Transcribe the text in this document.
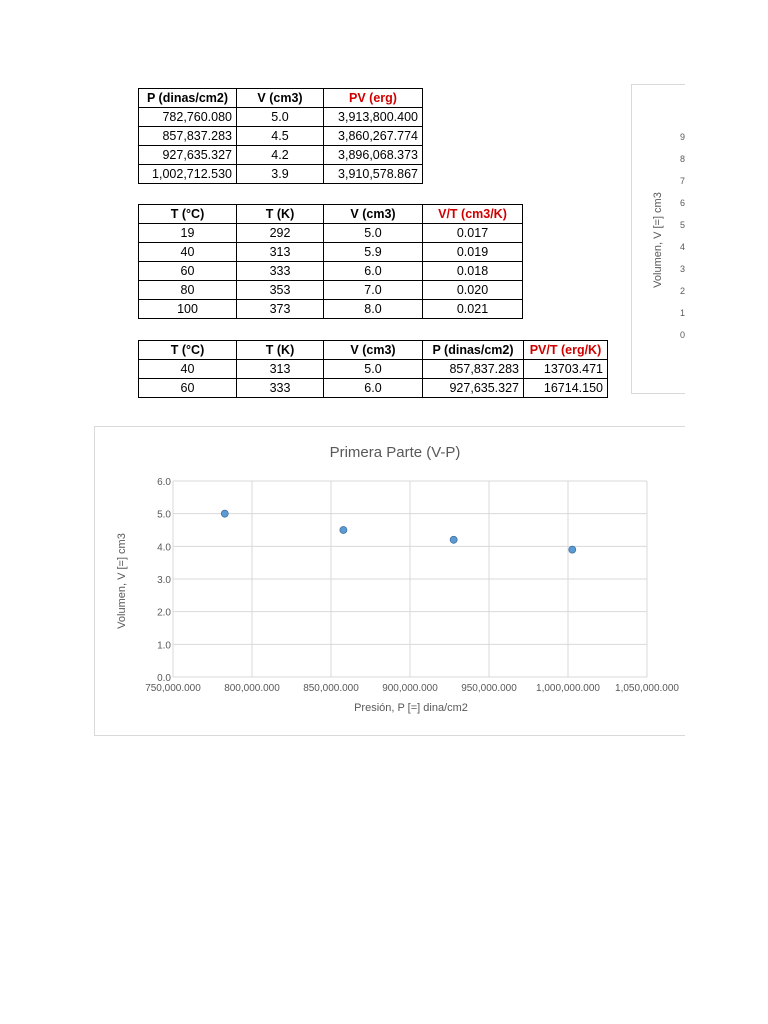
P (dinas/cm2)	V (cm3)	PV (erg)
782,760.080	5.0	3,913,800.400
857,837.283	4.5	3,860,267.774
927,635.327	4.2	3,896,068.373
1,002,712.530	3.9	3,910,578.867
T (°C)	T (K)	V (cm3)	V/T (cm3/K)
19	292	5.0	0.017
40	313	5.9	0.019
60	333	6.0	0.018
80	353	7.0	0.020
100	373	8.0	0.021
T (°C)	T (K)	V (cm3)	P (dinas/cm2)	PV/T (erg/K)
40	313	5.0	857,837.283	13703.471
60	333	6.0	927,635.327	16714.150
Volumen, V [=] cm3
9
8
7
6
5
4
3
2
1
0
Primera Parte (V-P)
0.0
1.0
2.0
3.0
4.0
5.0
6.0
750,000.000 800,000.000 850,000.000 900,000.000 950,000.000 1,000,000.000 1,050,000.000
Presión, P [=] dina/cm2
Volumen, V [=] cm3
